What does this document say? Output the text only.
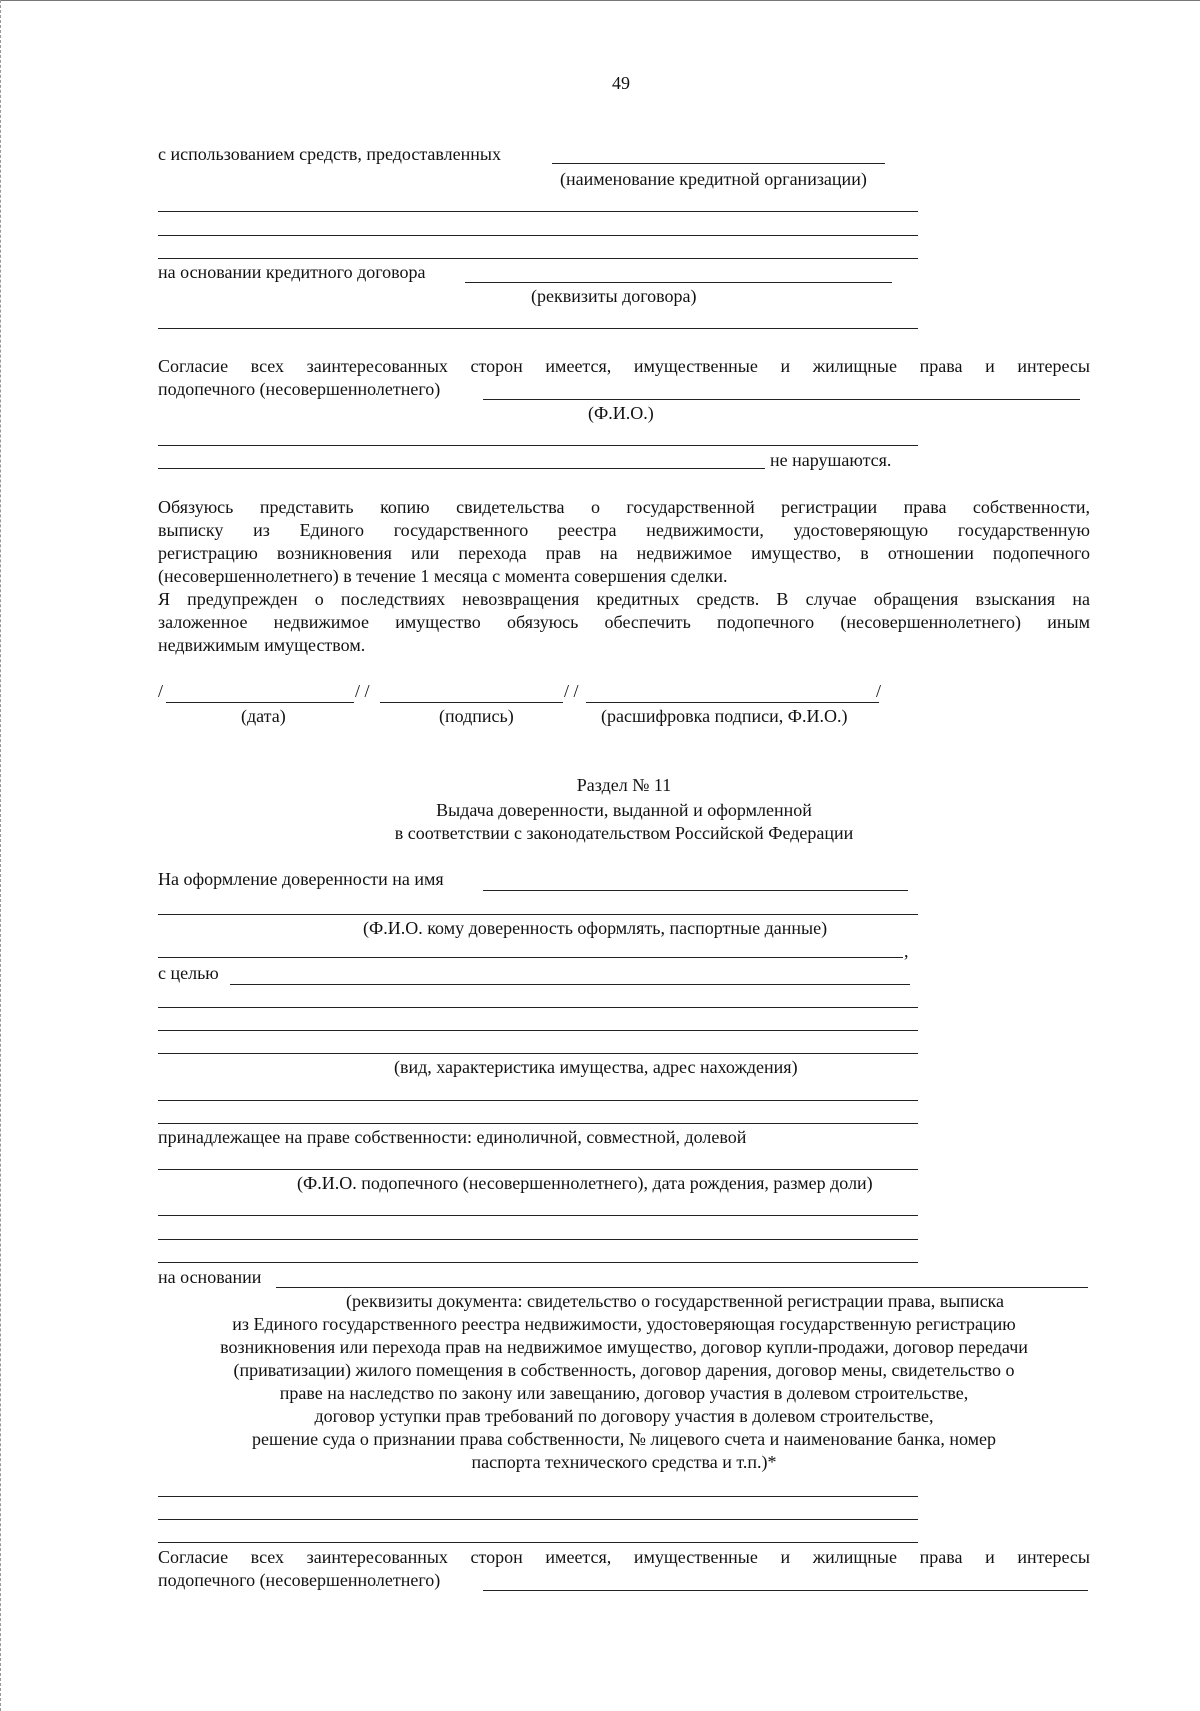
49
с использованием средств, предоставленных
(наименование кредитной организации)
на основании кредитного договора
(реквизиты договора)
Согласие всех заинтересованных сторон имеется, имущественные и жилищные права и интересы
подопечного (несовершеннолетнего)
(Ф.И.О.)
не нарушаются.
Обязуюсь представить копию свидетельства о государственной регистрации права собственности,
выписку из Единого государственного реестра недвижимости, удостоверяющую государственную
регистрацию возникновения или перехода прав на недвижимое имущество, в отношении подопечного
(несовершеннолетнего) в течение 1 месяца с момента совершения сделки.
Я предупрежден о последствиях невозвращения кредитных средств. В случае обращения взыскания на
заложенное недвижимое имущество обязуюсь обеспечить подопечного (несовершеннолетнего) иным
недвижимым имуществом.
/	/ /	/ /	/
(дата)	(подпись)	(расшифровка подписи, Ф.И.О.)
Раздел № 11
Выдача доверенности, выданной и оформленной
в соответствии с законодательством Российской Федерации
На оформление доверенности на имя
(Ф.И.О. кому доверенность оформлять, паспортные данные)
,
с целью
(вид, характеристика имущества, адрес нахождения)
принадлежащее на праве собственности: единоличной, совместной, долевой
(Ф.И.О. подопечного (несовершеннолетнего), дата рождения, размер доли)
на основании
(реквизиты документа: свидетельство о государственной регистрации права, выписка
из Единого государственного реестра недвижимости, удостоверяющая государственную регистрацию
возникновения или перехода прав на недвижимое имущество, договор купли-продажи, договор передачи
(приватизации) жилого помещения в собственность, договор дарения, договор мены, свидетельство о
праве на наследство по закону или завещанию, договор участия в долевом строительстве,
договор уступки прав требований по договору участия в долевом строительстве,
решение суда о признании права собственности, № лицевого счета и наименование банка, номер
паспорта технического средства и т.п.)*
Согласие всех заинтересованных сторон имеется, имущественные и жилищные права и интересы
подопечного (несовершеннолетнего)
